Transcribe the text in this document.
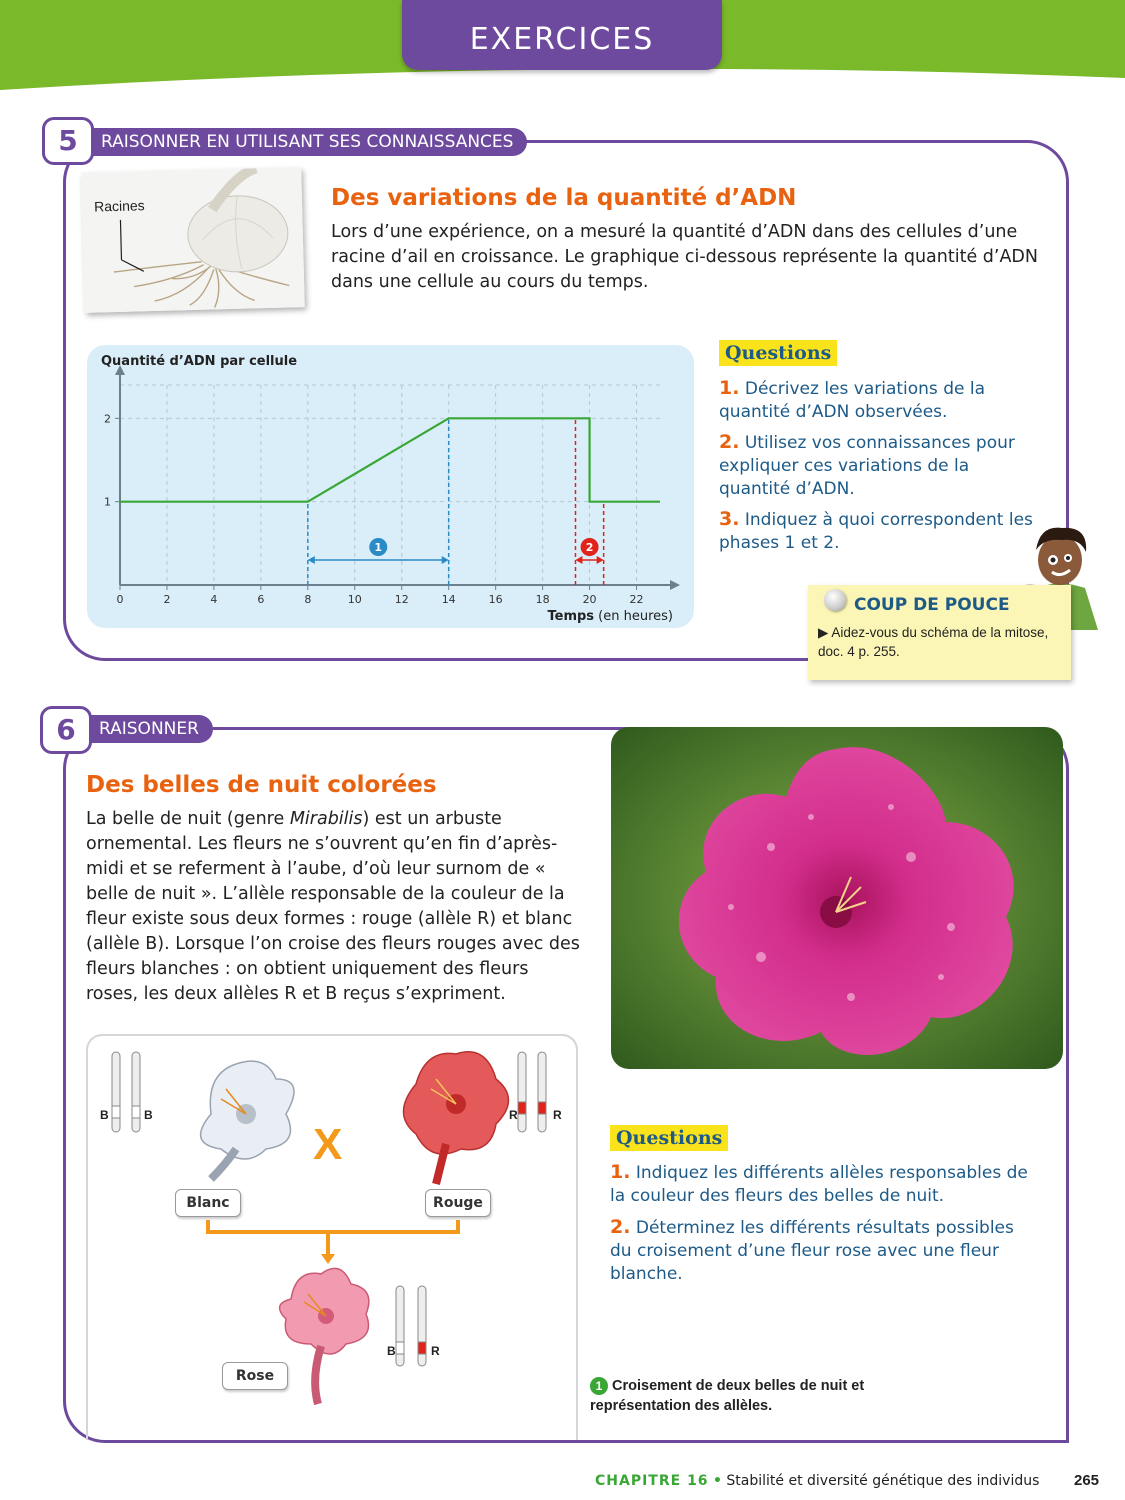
EXERCICES
5	RAISONNER EN UTILISANT SES CONNAISSANCES
Racines	Des variations de la quantité d’ADN
Lors d’une expérience, on a mesuré la quantité d’ADN dans des cellules d’une racine d’ail en croissance. Le graphique ci-dessous représente la quantité d’ADN dans une cellule au cours du temps.
0	2	4	6	8	10	12	14	16	18	20	22
1
2
Quantité d’ADN par cellule
Temps (en heures)
1	2
Questions
1. Décrivez les variations de la quantité d’ADN observées.
2. Utilisez vos connaissances pour expliquer ces variations de la quantité d’ADN.
3. Indiquez à quoi correspondent les phases 1 et 2.
COUP DE POUCE
▶ Aidez-vous du schéma de la mitose, doc. 4 p. 255.
6	RAISONNER
Des belles de nuit colorées
La belle de nuit (genre Mirabilis) est un arbuste ornemental. Les fleurs ne s’ouvrent qu’en fin d’après-midi et se referment à l’aube, d’où leur surnom de « belle de nuit ». L’allèle responsable de la couleur de la fleur existe sous deux formes : rouge (allèle R) et blanc (allèle B). Lorsque l’on croise des fleurs rouges avec des fleurs blanches : on obtient uniquement des fleurs roses, les deux allèles R et B reçus s’expriment.
B	B	R	R
B	R
X
Blanc	Rouge
Rose
Questions
1. Indiquez les différents allèles responsables de la couleur des fleurs des belles de nuit.
2. Déterminez les différents résultats possibles du croisement d’une fleur rose avec une fleur blanche.
1 Croisement de deux belles de nuit et représentation des allèles.
CHAPITRE 16 • Stabilité et diversité génétique des individus 265
